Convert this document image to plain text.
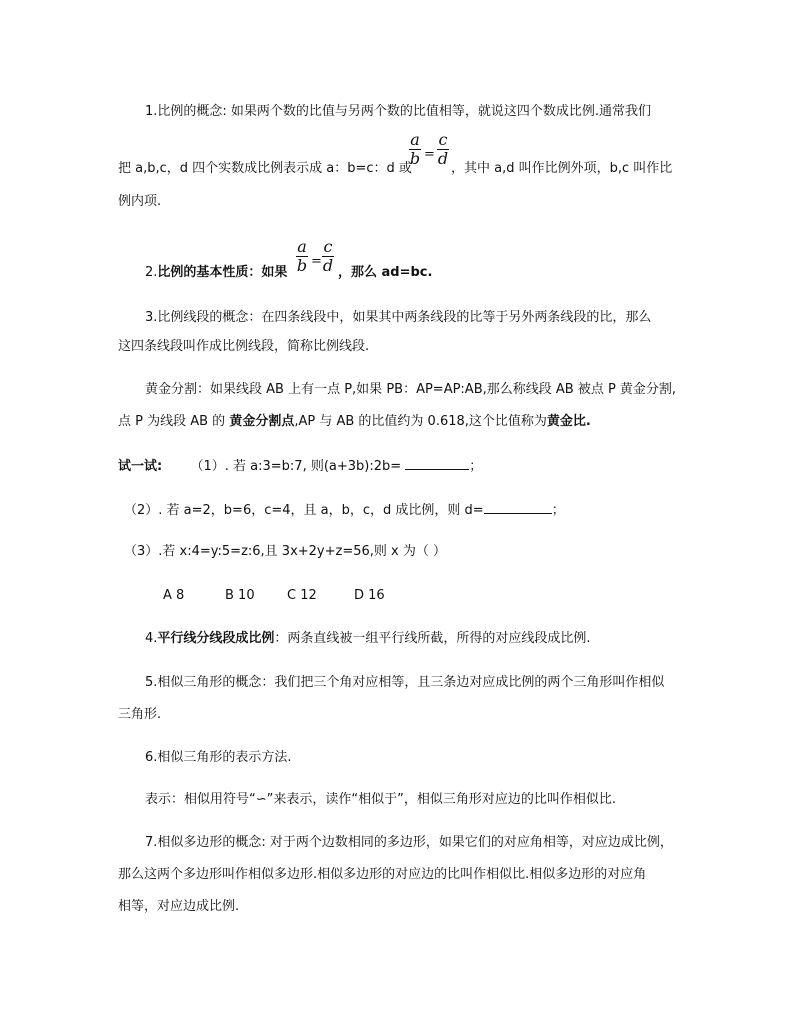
1.比例的概念: 如果两个数的比值与另两个数的比值相等，就说这四个数成比例.通常我们
a
b =
c
d
把 a,b,c，d 四个实数成比例表示成 a：b=c：d 或	，其中 a,d 叫作比例外项，b,c 叫作比
例内项.
a
b =
c
d
2.比例的基本性质：如果	，那么 ad=bc.
3.比例线段的概念：在四条线段中，如果其中两条线段的比等于另外两条线段的比，那么
这四条线段叫作成比例线段，简称比例线段.
黄金分割：如果线段 AB 上有一点 P,如果 PB：AP=AP:AB,那么称线段 AB 被点 P 黄金分割,
点 P 为线段 AB 的 黄金分割点,AP 与 AB 的比值约为 0.618,这个比值称为黄金比.
试一试: （1）. 若 a:3=b:7, 则(a+3b):2b=	；
（2）. 若 a=2，b=6，c=4，且 a，b，c，d 成比例，则 d=	；
（3）.若 x:4=y:5=z:6,且 3x+2y+z=56,则 x 为（ ）
A 8	B 10 C 12	D 16
4.平行线分线段成比例：两条直线被一组平行线所截，所得的对应线段成比例.
5.相似三角形的概念：我们把三个角对应相等，且三条边对应成比例的两个三角形叫作相似
三角形.
6.相似三角形的表示方法.
表示：相似用符号“∽”来表示，读作“相似于”，相似三角形对应边的比叫作相似比.
7.相似多边形的概念: 对于两个边数相同的多边形，如果它们的对应角相等，对应边成比例，
那么这两个多边形叫作相似多边形.相似多边形的对应边的比叫作相似比.相似多边形的对应角
相等，对应边成比例.
